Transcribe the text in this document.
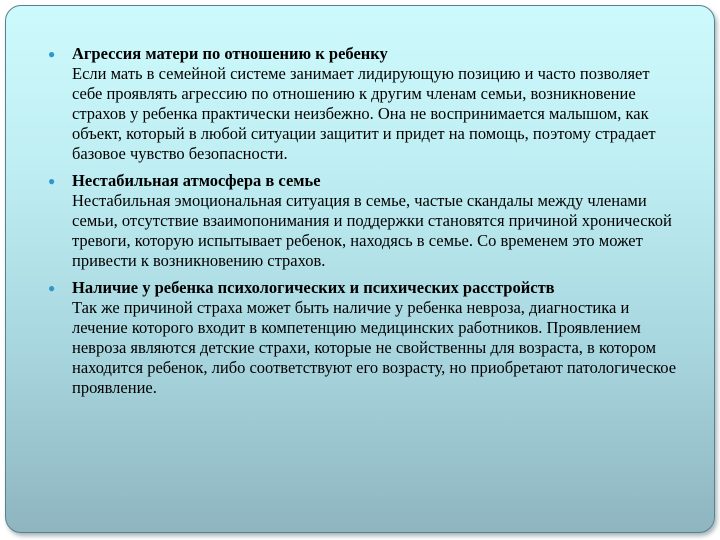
● Агрессия матери по отношению к ребенку
Если мать в семейной системе занимает лидирующую позицию и часто позволяет себе проявлять агрессию по отношению к другим членам семьи, возникновение страхов у ребенка практически неизбежно. Она не воспринимается малышом, как объект, который в любой ситуации защитит и придет на помощь, поэтому страдает базовое чувство безопасности.
● Нестабильная атмосфера в семье
Нестабильная эмоциональная ситуация в семье, частые скандалы между членами семьи, отсутствие взаимопонимания и поддержки становятся причиной хронической тревоги, которую испытывает ребенок, находясь в семье. Со временем это может привести к возникновению страхов.
● Наличие у ребенка психологических и психических расстройств
Так же причиной страха может быть наличие у ребенка невроза, диагностика и лечение которого входит в компетенцию медицинских работников. Проявлением невроза являются детские страхи, которые не свойственны для возраста, в котором находится ребенок, либо соответствуют его возрасту, но приобретают патологическое проявление.
